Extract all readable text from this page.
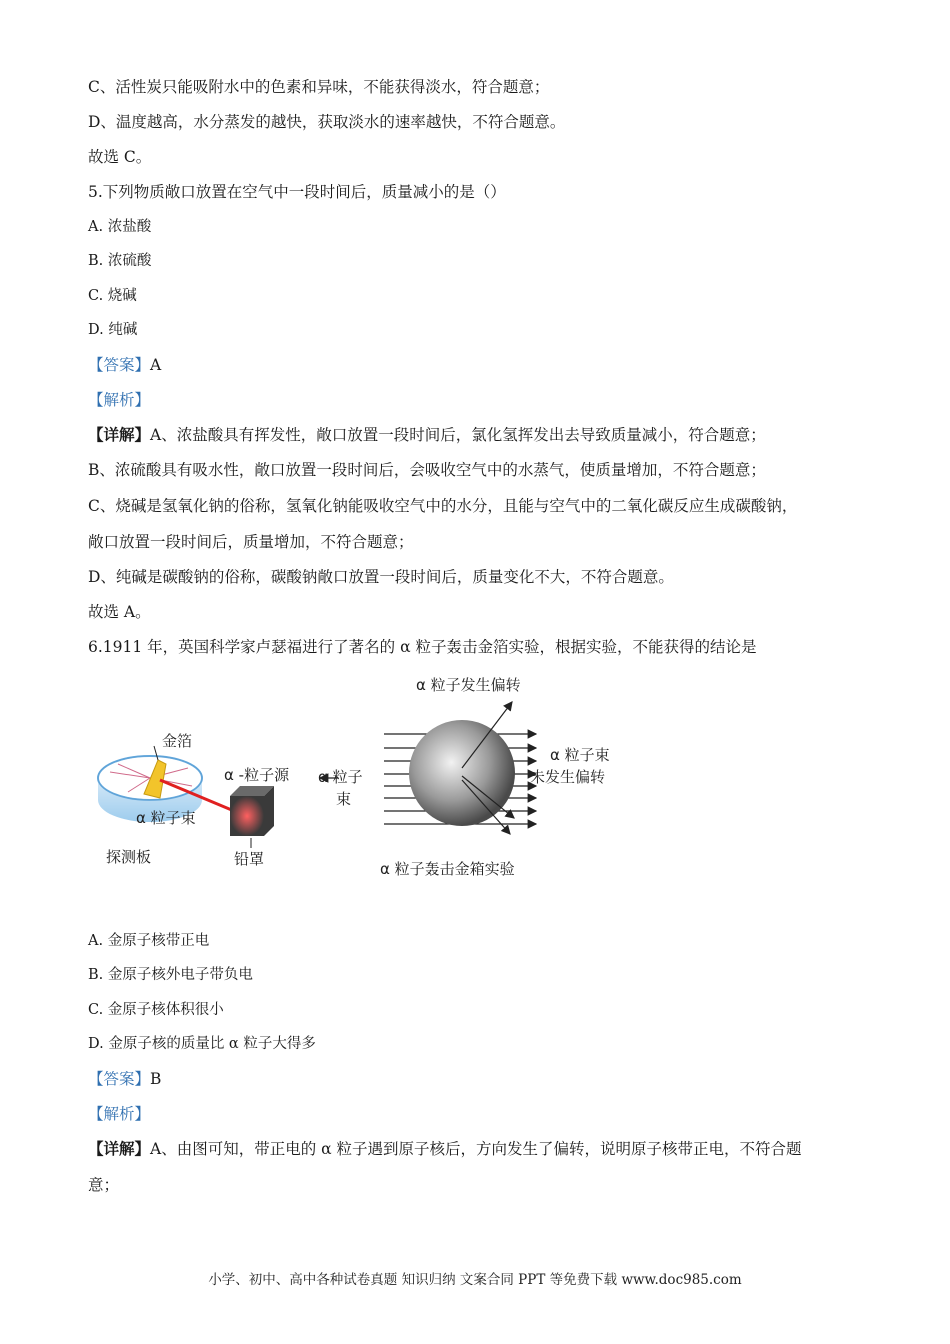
C、活性炭只能吸附水中的色素和异味，不能获得淡水，符合题意；
D、温度越高，水分蒸发的越快，获取淡水的速率越快，不符合题意。
故选 C。
5.下列物质敞口放置在空气中一段时间后，质量减小的是（）
A. 浓盐酸
B. 浓硫酸
C. 烧碱
D. 纯碱
【答案】A
【解析】
【详解】A、浓盐酸具有挥发性，敞口放置一段时间后，氯化氢挥发出去导致质量减小，符合题意；
B、浓硫酸具有吸水性，敞口放置一段时间后，会吸收空气中的水蒸气，使质量增加，不符合题意；
C、烧碱是氢氧化钠的俗称，氢氧化钠能吸收空气中的水分，且能与空气中的二氧化碳反应生成碳酸钠，
敞口放置一段时间后，质量增加，不符合题意；
D、纯碱是碳酸钠的俗称，碳酸钠敞口放置一段时间后，质量变化不大，不符合题意。
故选 A。
6.1911 年，英国科学家卢瑟福进行了著名的 α 粒子轰击金箔实验，根据实验，不能获得的结论是
金箔
α -粒子源
α 粒子束
探测板	铅罩
α 粒子发生偏转
α 粒子
束
α 粒子束
未发生偏转
α 粒子轰击金箱实验
A. 金原子核带正电
B. 金原子核外电子带负电
C. 金原子核体积很小
D. 金原子核的质量比 α 粒子大得多
【答案】B
【解析】
【详解】A、由图可知，带正电的 α 粒子遇到原子核后，方向发生了偏转，说明原子核带正电，不符合题
意；
小学、初中、高中各种试卷真题 知识归纳 文案合同 PPT 等免费下载 www.doc985.com
